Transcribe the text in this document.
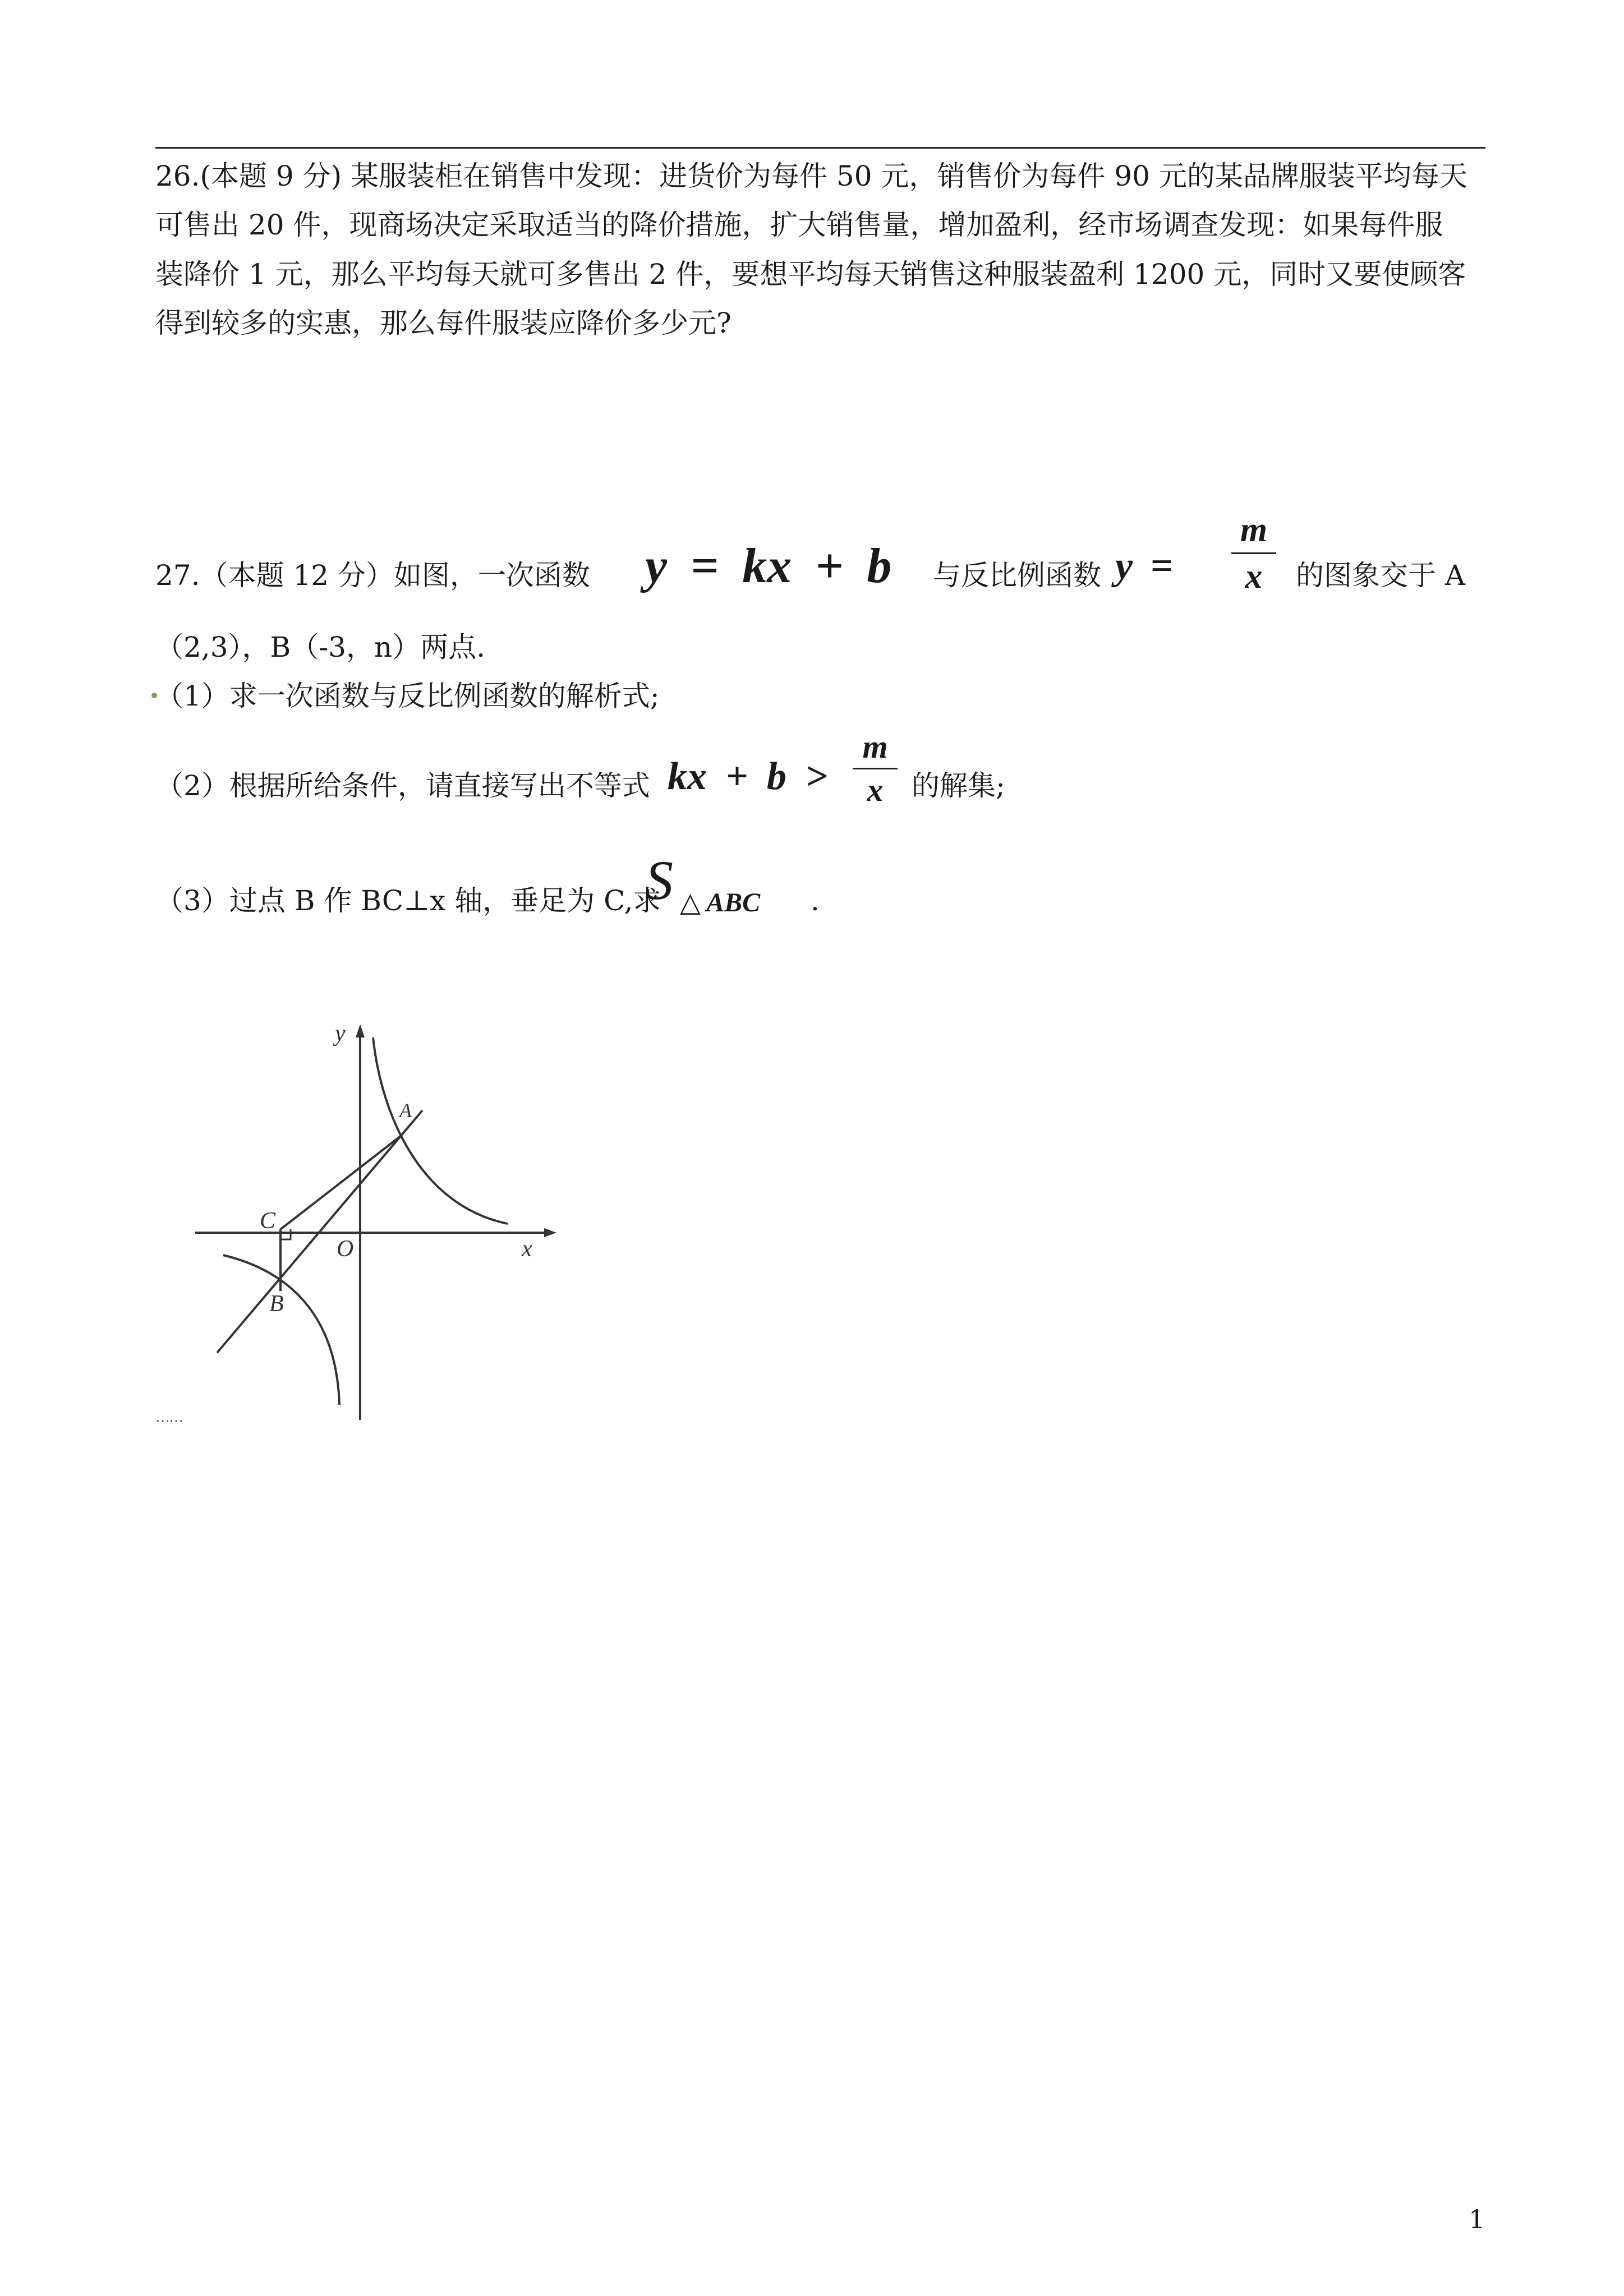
26.(本题 9 分) 某服装柜在销售中发现：进货价为每件 50 元，销售价为每件 90 元的某品牌服装平均每天
可售出 20 件，现商场决定采取适当的降价措施，扩大销售量，增加盈利，经市场调查发现：如果每件服
装降价 1 元，那么平均每天就可多售出 2 件，要想平均每天销售这种服装盈利 1200 元，同时又要使顾客
得到较多的实惠，那么每件服装应降价多少元?
27.（本题 12 分）如图，一次函数 y = kx + b 与反比例函数 y =
m
x	的图象交于 A
（2,3），B（-3，n）两点.
（1）求一次函数与反比例函数的解析式;
（2）根据所给条件，请直接写出不等式 kx + b >
m
x	的解集;
（3）过点 B 作 BC⊥x 轴，垂足为 C,求
S △ ABC .
y
x
O
A
B
C
……
1
